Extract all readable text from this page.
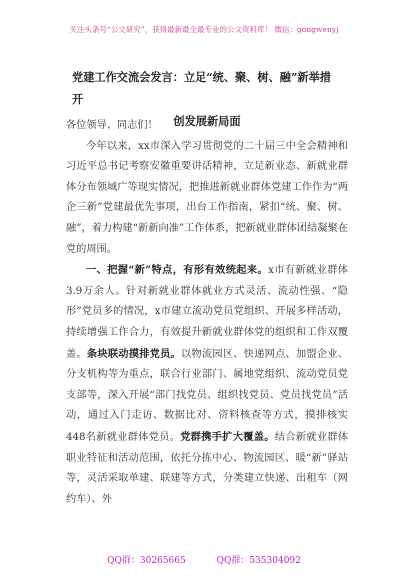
关注头条号“公文研究”，获得最新最全最专业的公文资料库！ 微信：gongwenyj
党建工作交流会发言：立足“统、聚、树、融”新举措 开
创发展新局面

各位领导、同志们！

今年以来，xx市深入学习贯彻党的二十届三中全会精神和习近平总书记考察安徽重要讲话精神，立足新业态、新就业群体分布领域广等现实情况，把推进新就业群体党建工作作为“两企三新”党建最优先事项，出台工作指南，紧扣“统、聚、树、融”，着力构建“新新向准”工作体系，把新就业群体团结凝聚在党的周围。

一、把握“新”特点，有形有效统起来。x市有新就业群体3.9万余人。针对新就业群体就业方式灵活、流动性强、“隐形”党员多的情况，x市建立流动党员党组织、开展多样活动，持续增强工作合力，有效提升新就业群体党的组织和工作双覆盖。条块联动摸排党员。以物流园区、快递网点、加盟企业、分支机构等为重点，联合行业部门、属地党组织、流动党员党支部等，深入开展“部门找党员、组织找党员、党员找党员”活动，通过入门走访、数据比对、资料核查等方式，摸排核实448名新就业群体党员。党群携手扩大覆盖。结合新就业群体职业特征和活动范围，依托分拣中心、物流园区、暖“新”驿站等，灵活采取单建、联建等方式，分类建立快递、出租车（网约车）、外

QQ群：30265665	QQ群：535304092
